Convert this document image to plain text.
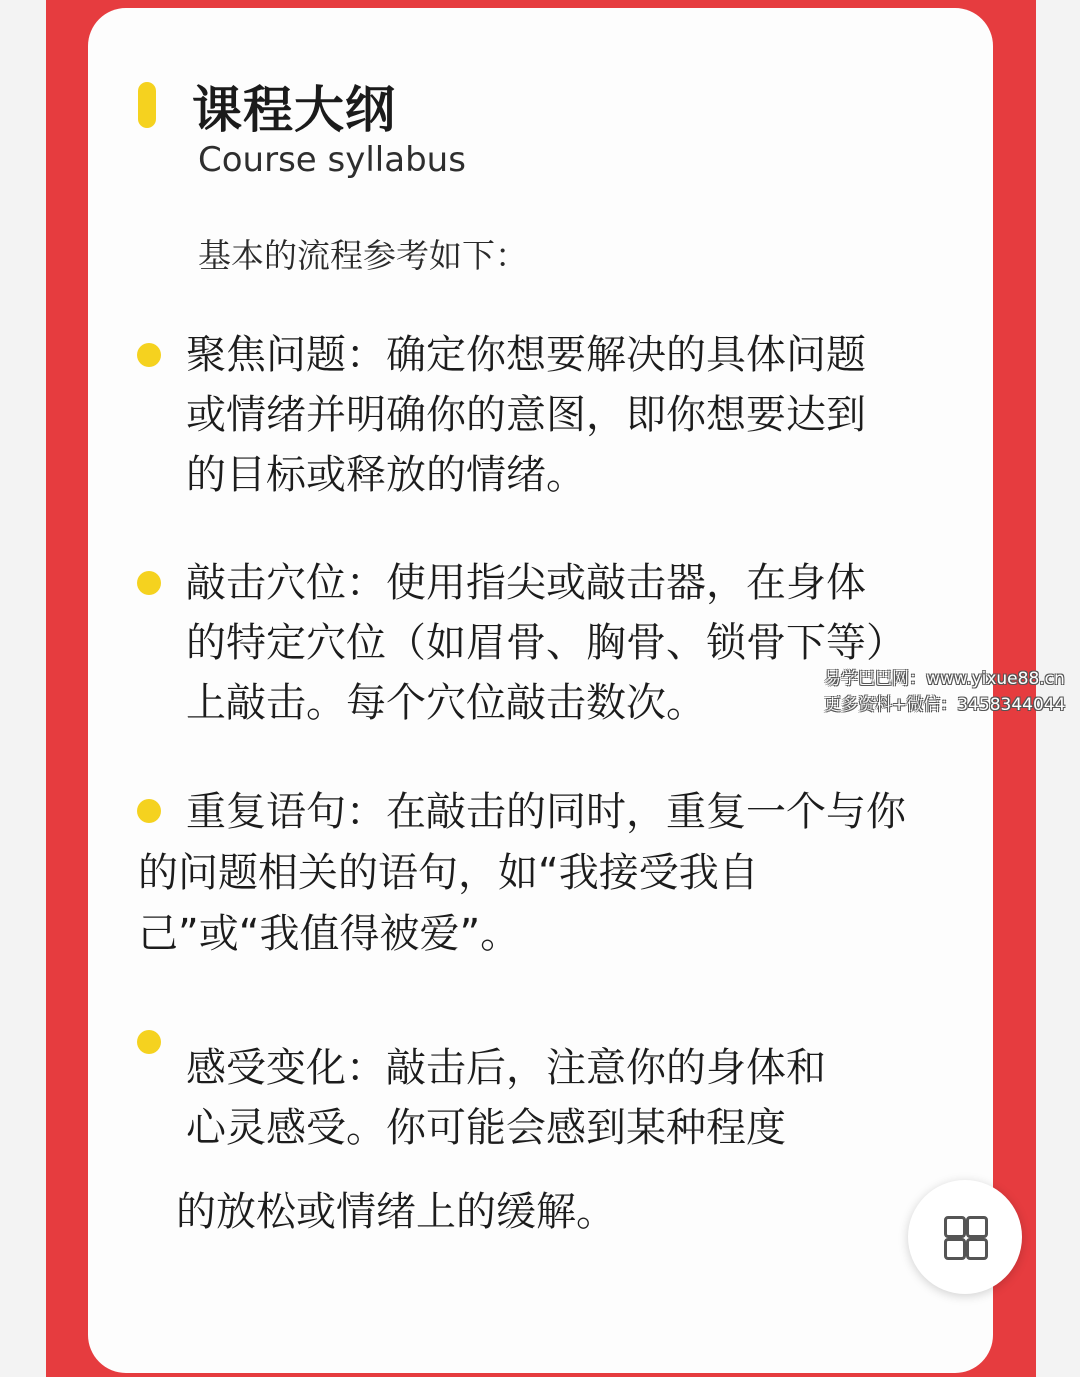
课程大纲
Course syllabus
基本的流程参考如下：
聚焦问题：确定你想要解决的具体问题
或情绪并明确你的意图，即你想要达到
的目标或释放的情绪。
敲击穴位：使用指尖或敲击器，在身体
的特定穴位（如眉骨、胸骨、锁骨下等）
上敲击。每个穴位敲击数次。
易学巴巴网：www.yixue88.cn
更多资料+微信：3458344044
重复语句：在敲击的同时，重复一个与你
的问题相关的语句，如“我接受我自
己”或“我值得被爱”。
感受变化：敲击后，注意你的身体和
心灵感受。你可能会感到某种程度
的放松或情绪上的缓解。
